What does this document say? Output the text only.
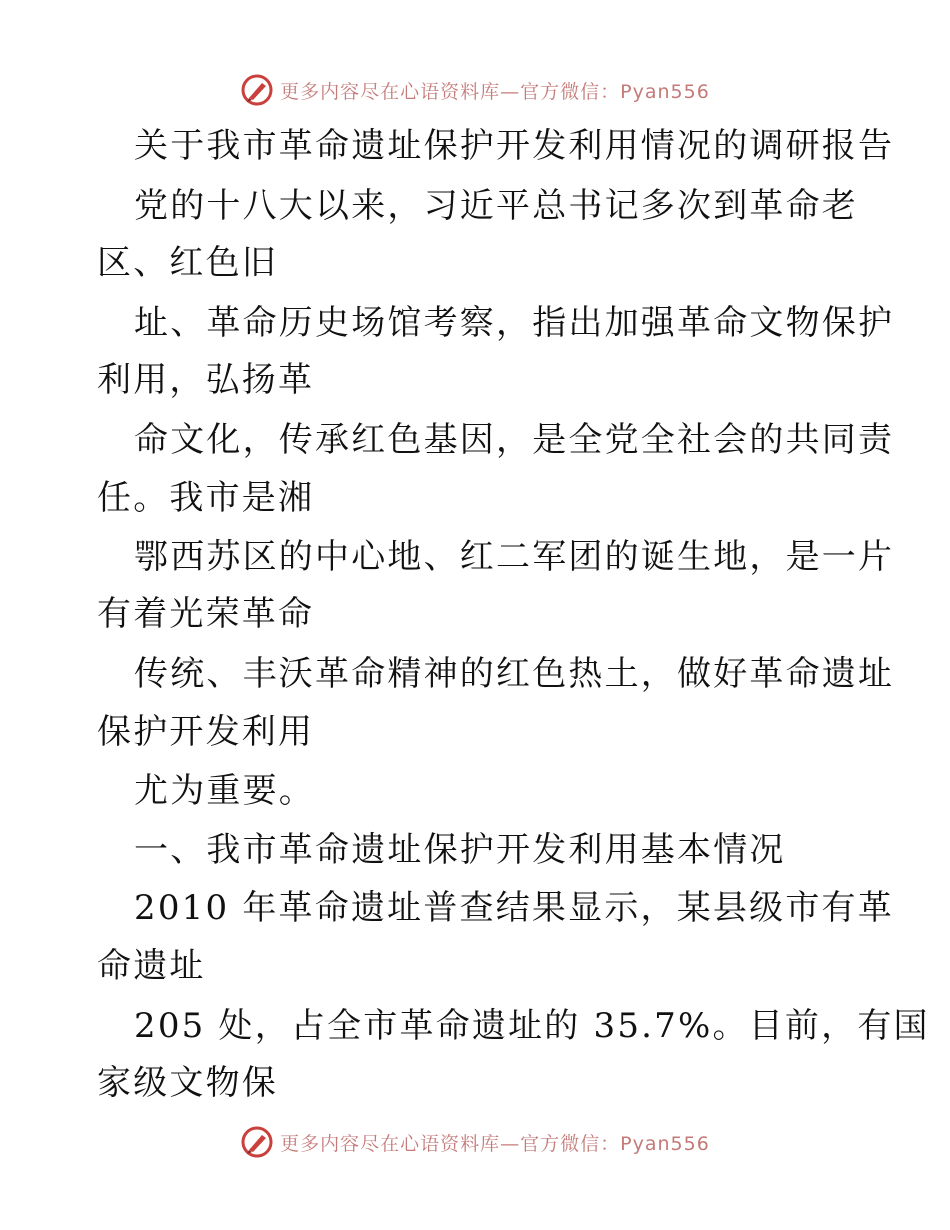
更多内容尽在心语资料库—官方微信：Pyan556
关于我市革命遗址保护开发利用情况的调研报告
党的十八大以来，习近平总书记多次到革命老
区、红色旧
址、革命历史场馆考察，指出加强革命文物保护
利用，弘扬革
命文化，传承红色基因，是全党全社会的共同责
任。我市是湘
鄂西苏区的中心地、红二军团的诞生地，是一片
有着光荣革命
传统、丰沃革命精神的红色热土，做好革命遗址
保护开发利用
尤为重要。
一、我市革命遗址保护开发利用基本情况
2010 年革命遗址普查结果显示，某县级市有革
命遗址
205 处，占全市革命遗址的 35.7%。目前，有国
家级文物保
更多内容尽在心语资料库—官方微信：Pyan556
